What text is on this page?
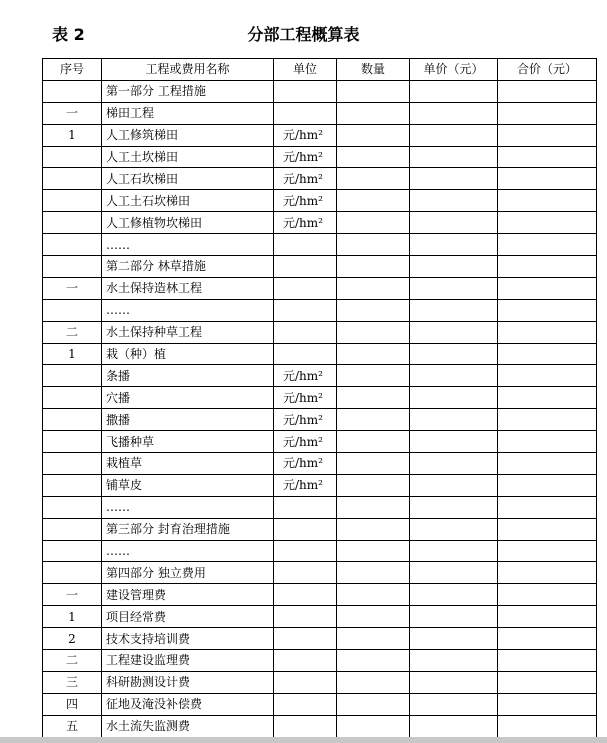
表 2	分部工程概算表
序号	工程或费用名称	单位	数量	单价（元）	合价（元）
	第一部分 工程措施				
一	梯田工程				
1	人工修筑梯田	元/hm²			
	人工土坎梯田	元/hm²			
	人工石坎梯田	元/hm²			
	人工土石坎梯田	元/hm²			
	人工修植物坎梯田	元/hm²			
	……				
	第二部分 林草措施				
一	水土保持造林工程				
	……				
二	水土保持种草工程				
1	栽（种）植				
	条播	元/hm²			
	穴播	元/hm²			
	撒播	元/hm²			
	飞播种草	元/hm²			
	栽植草	元/hm²			
	铺草皮	元/hm²			
	……				
	第三部分 封育治理措施				
	……				
	第四部分 独立费用				
一	建设管理费				
1	项目经常费				
2	技术支持培训费				
二	工程建设监理费				
三	科研勘测设计费				
四	征地及淹没补偿费				
五	水土流失监测费				
